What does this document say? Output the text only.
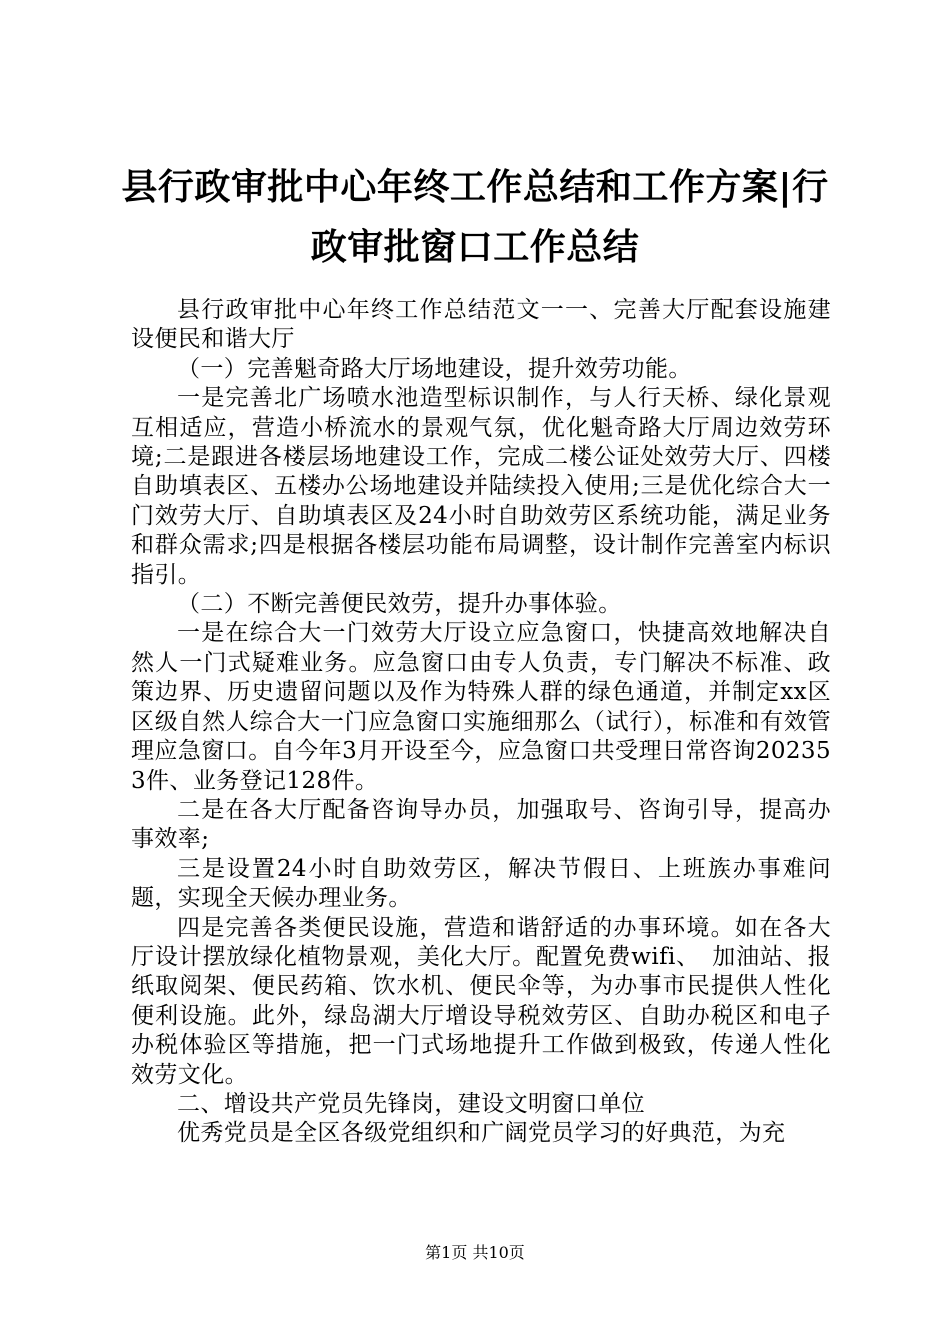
县行政审批中心年终工作总结和工作方案|行政审批窗口工作总结

县行政审批中心年终工作总结范文一一、完善大厅配套设施建设便民和谐大厅

（一）完善魁奇路大厅场地建设，提升效劳功能。

一是完善北广场喷水池造型标识制作，与人行天桥、绿化景观互相适应，营造小桥流水的景观气氛，优化魁奇路大厅周边效劳环境;二是跟进各楼层场地建设工作，完成二楼公证处效劳大厅、四楼自助填表区、五楼办公场地建设并陆续投入使用;三是优化综合大一门效劳大厅、自助填表区及24小时自助效劳区系统功能，满足业务和群众需求;四是根据各楼层功能布局调整，设计制作完善室内标识指引。

（二）不断完善便民效劳，提升办事体验。

一是在综合大一门效劳大厅设立应急窗口，快捷高效地解决自然人一门式疑难业务。应急窗口由专人负责，专门解决不标准、政策边界、历史遗留问题以及作为特殊人群的绿色通道，并制定xx区区级自然人综合大一门应急窗口实施细那么（试行），标准和有效管理应急窗口。自今年3月开设至今，应急窗口共受理日常咨询202353件、业务登记128件。

二是在各大厅配备咨询导办员，加强取号、咨询引导，提高办事效率;

三是设置24小时自助效劳区，解决节假日、上班族办事难问题，实现全天候办理业务。

四是完善各类便民设施，营造和谐舒适的办事环境。如在各大厅设计摆放绿化植物景观，美化大厅。配置免费wifi、　加油站、报纸取阅架、便民药箱、饮水机、便民伞等，为办事市民提供人性化便利设施。此外，绿岛湖大厅增设导税效劳区、自助办税区和电子办税体验区等措施，把一门式场地提升工作做到极致，传递人性化效劳文化。

二、增设共产党员先锋岗，建设文明窗口单位

优秀党员是全区各级党组织和广阔党员学习的好典范，为充

第1页 共10页
